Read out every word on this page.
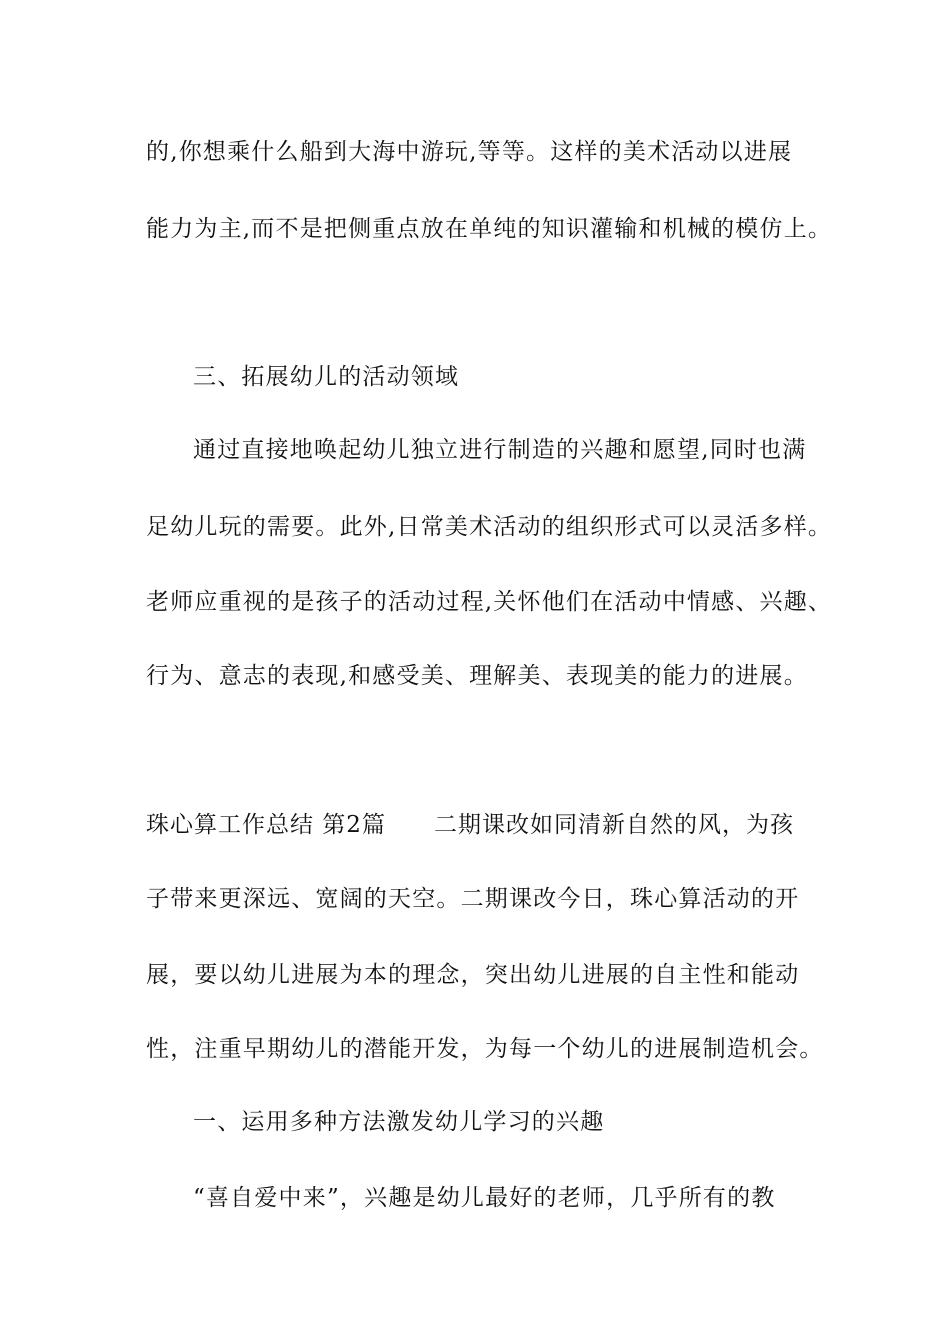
的,你想乘什么船到大海中游玩,等等。这样的美术活动以进展
能力为主,而不是把侧重点放在单纯的知识灌输和机械的模仿上。
三、拓展幼儿的活动领域
通过直接地唤起幼儿独立进行制造的兴趣和愿望,同时也满
足幼儿玩的需要。此外,日常美术活动的组织形式可以灵活多样。
老师应重视的是孩子的活动过程,关怀他们在活动中情感、兴趣、
行为、意志的表现,和感受美、理解美、表现美的能力的进展。
珠心算工作总结 第2篇　　二期课改如同清新自然的风，为孩
子带来更深远、宽阔的天空。二期课改今日，珠心算活动的开
展，要以幼儿进展为本的理念，突出幼儿进展的自主性和能动
性，注重早期幼儿的潜能开发，为每一个幼儿的进展制造机会。
一、运用多种方法激发幼儿学习的兴趣
“喜自爱中来”，兴趣是幼儿最好的老师，几乎所有的教
